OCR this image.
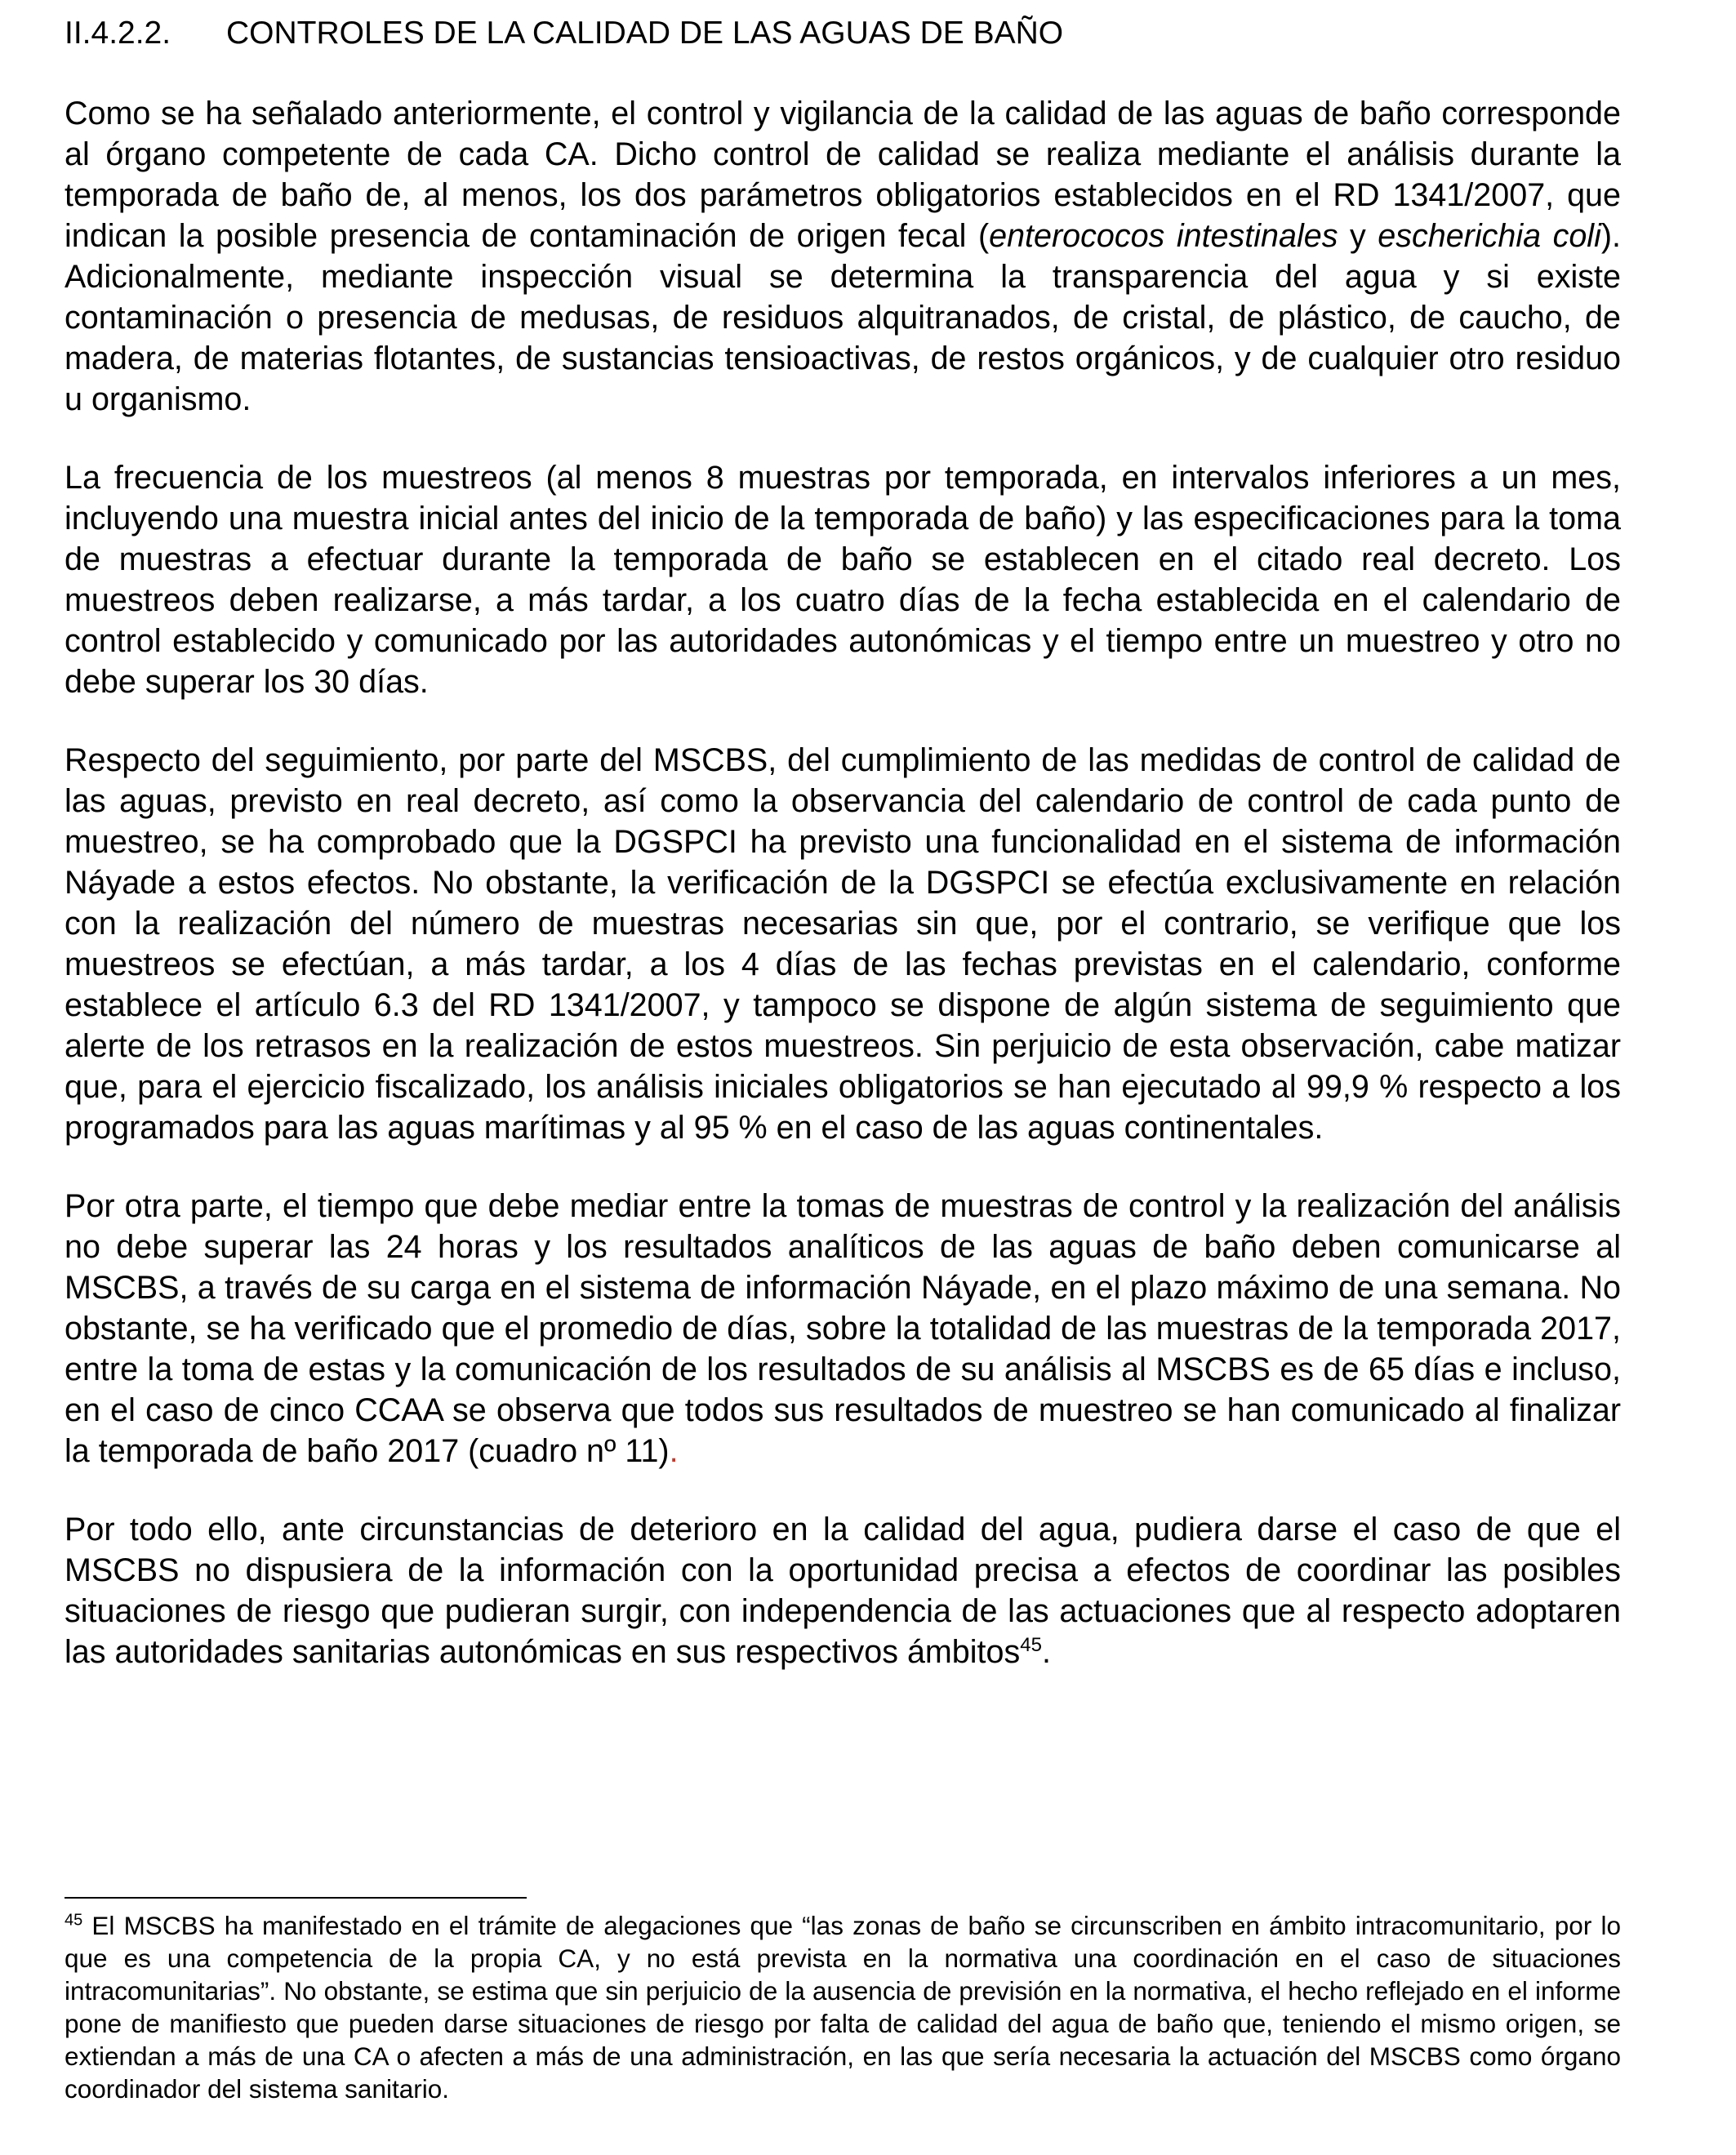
II.4.2.2. CONTROLES DE LA CALIDAD DE LAS AGUAS DE BAÑO

Como se ha señalado anteriormente, el control y vigilancia de la calidad de las aguas de baño corresponde al órgano competente de cada CA. Dicho control de calidad se realiza mediante el análisis durante la temporada de baño de, al menos, los dos parámetros obligatorios establecidos en el RD 1341/2007, que indican la posible presencia de contaminación de origen fecal (enterococos intestinales y escherichia coli). Adicionalmente, mediante inspección visual se determina la transparencia del agua y si existe contaminación o presencia de medusas, de residuos alquitranados, de cristal, de plástico, de caucho, de madera, de materias flotantes, de sustancias tensioactivas, de restos orgánicos, y de cualquier otro residuo u organismo.

La frecuencia de los muestreos (al menos 8 muestras por temporada, en intervalos inferiores a un mes, incluyendo una muestra inicial antes del inicio de la temporada de baño) y las especificaciones para la toma de muestras a efectuar durante la temporada de baño se establecen en el citado real decreto. Los muestreos deben realizarse, a más tardar, a los cuatro días de la fecha establecida en el calendario de control establecido y comunicado por las autoridades autonómicas y el tiempo entre un muestreo y otro no debe superar los 30 días.

Respecto del seguimiento, por parte del MSCBS, del cumplimiento de las medidas de control de calidad de las aguas, previsto en real decreto, así como la observancia del calendario de control de cada punto de muestreo, se ha comprobado que la DGSPCI ha previsto una funcionalidad en el sistema de información Náyade a estos efectos. No obstante, la verificación de la DGSPCI se efectúa exclusivamente en relación con la realización del número de muestras necesarias sin que, por el contrario, se verifique que los muestreos se efectúan, a más tardar, a los 4 días de las fechas previstas en el calendario, conforme establece el artículo 6.3 del RD 1341/2007, y tampoco se dispone de algún sistema de seguimiento que alerte de los retrasos en la realización de estos muestreos. Sin perjuicio de esta observación, cabe matizar que, para el ejercicio fiscalizado, los análisis iniciales obligatorios se han ejecutado al 99,9 % respecto a los programados para las aguas marítimas y al 95 % en el caso de las aguas continentales.

Por otra parte, el tiempo que debe mediar entre la tomas de muestras de control y la realización del análisis no debe superar las 24 horas y los resultados analíticos de las aguas de baño deben comunicarse al MSCBS, a través de su carga en el sistema de información Náyade, en el plazo máximo de una semana. No obstante, se ha verificado que el promedio de días, sobre la totalidad de las muestras de la temporada 2017, entre la toma de estas y la comunicación de los resultados de su análisis al MSCBS es de 65 días e incluso, en el caso de cinco CCAA se observa que todos sus resultados de muestreo se han comunicado al finalizar la temporada de baño 2017 (cuadro nº 11).

Por todo ello, ante circunstancias de deterioro en la calidad del agua, pudiera darse el caso de que el MSCBS no dispusiera de la información con la oportunidad precisa a efectos de coordinar las posibles situaciones de riesgo que pudieran surgir, con independencia de las actuaciones que al respecto adoptaren las autoridades sanitarias autonómicas en sus respectivos ámbitos$^{45}$.

$^{45}$ El MSCBS ha manifestado en el trámite de alegaciones que “las zonas de baño se circunscriben en ámbito intracomunitario, por lo que es una competencia de la propia CA, y no está prevista en la normativa una coordinación en el caso de situaciones intracomunitarias”. No obstante, se estima que sin perjuicio de la ausencia de previsión en la normativa, el hecho reflejado en el informe pone de manifiesto que pueden darse situaciones de riesgo por falta de calidad del agua de baño que, teniendo el mismo origen, se extiendan a más de una CA o afecten a más de una administración, en las que sería necesaria la actuación del MSCBS como órgano coordinador del sistema sanitario.
